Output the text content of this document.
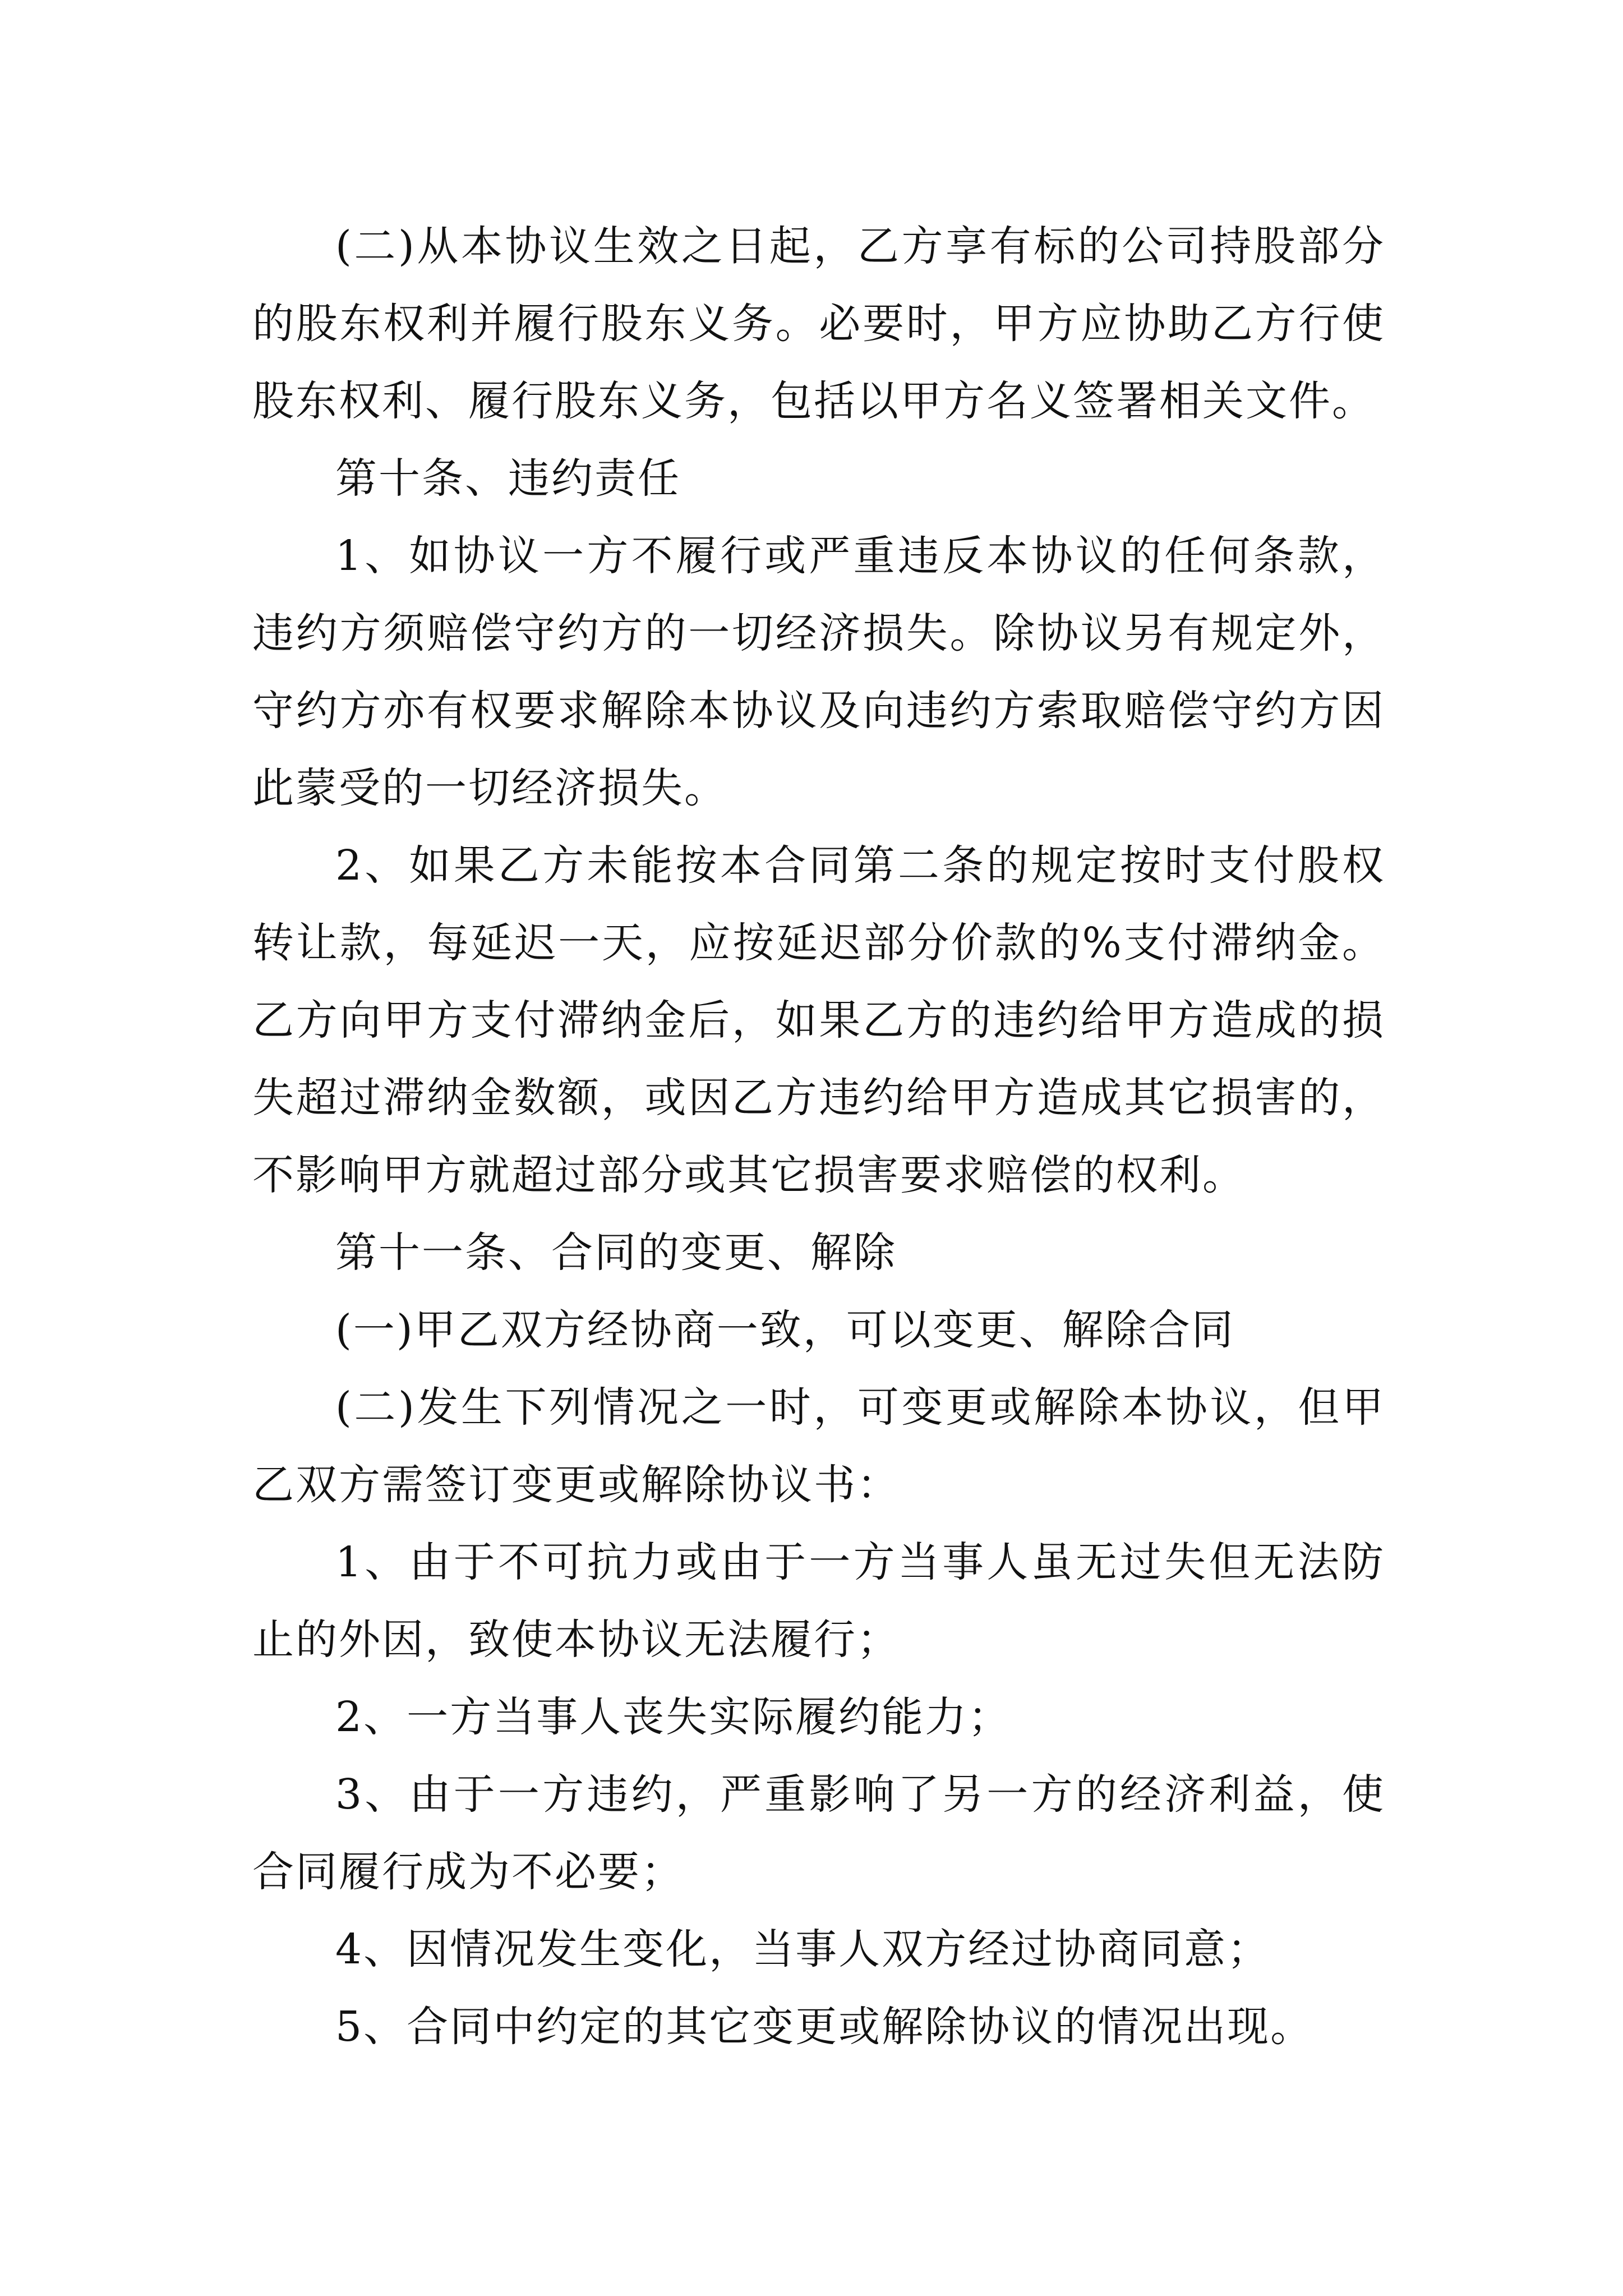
(二)从本协议生效之日起，乙方享有标的公司持股部分的股东权利并履行股东义务。必要时，甲方应协助乙方行使股东权利、履行股东义务，包括以甲方名义签署相关文件。

第十条、违约责任

1、如协议一方不履行或严重违反本协议的任何条款，违约方须赔偿守约方的一切经济损失。除协议另有规定外，守约方亦有权要求解除本协议及向违约方索取赔偿守约方因此蒙受的一切经济损失。

2、如果乙方未能按本合同第二条的规定按时支付股权转让款，每延迟一天，应按延迟部分价款的%支付滞纳金。乙方向甲方支付滞纳金后，如果乙方的违约给甲方造成的损失超过滞纳金数额，或因乙方违约给甲方造成其它损害的，不影响甲方就超过部分或其它损害要求赔偿的权利。

第十一条、合同的变更、解除

(一)甲乙双方经协商一致，可以变更、解除合同

(二)发生下列情况之一时，可变更或解除本协议，但甲乙双方需签订变更或解除协议书：

1、由于不可抗力或由于一方当事人虽无过失但无法防止的外因，致使本协议无法履行；

2、一方当事人丧失实际履约能力；

3、由于一方违约，严重影响了另一方的经济利益，使合同履行成为不必要；

4、因情况发生变化，当事人双方经过协商同意；

5、合同中约定的其它变更或解除协议的情况出现。
